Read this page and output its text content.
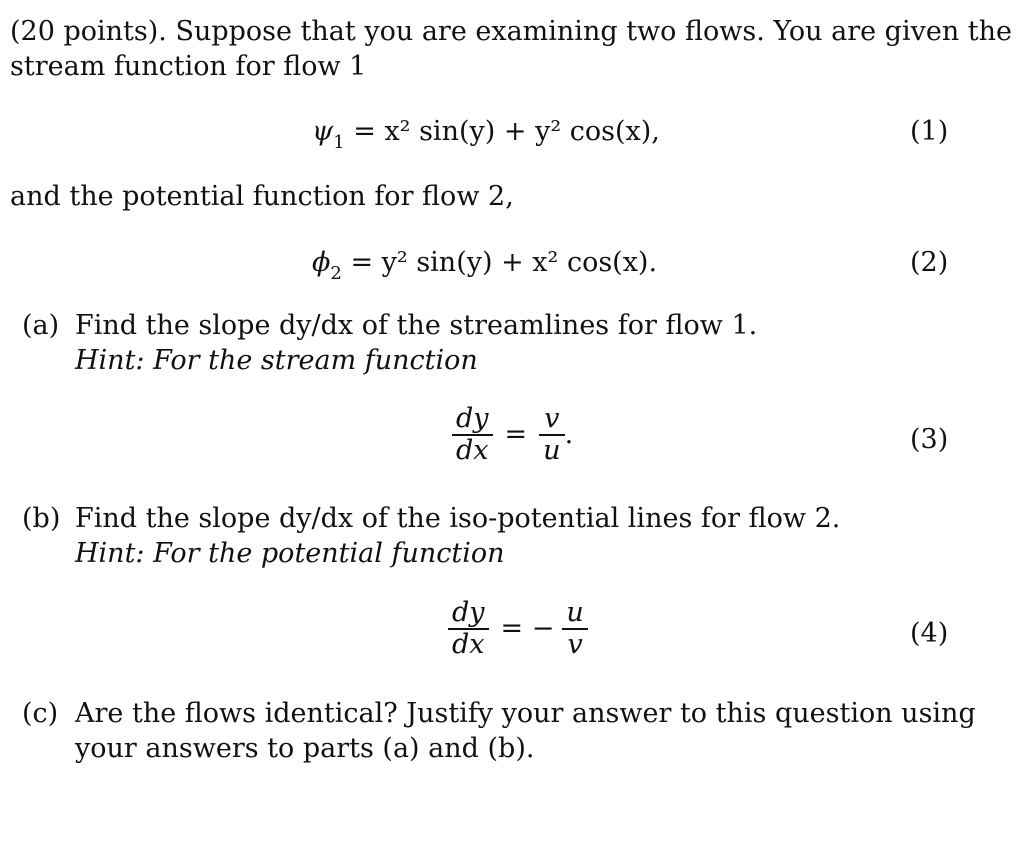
(20 points). Suppose that you are examining two flows. You are given the
stream function for flow 1
$\psi_1 = x^2$ sin(y) + y² cos(x),	(1)
and the potential function for flow 2,
$\phi_2 = y^2$ sin(y) + x² cos(x).	(2)
(a) Find the slope dy/dx of the streamlines for flow 1.
Hint: For the stream function
$\frac{dy}{dx} = \frac{v}{u}$ .	(3)
(b) Find the slope dy/dx of the iso-potential lines for flow 2.
Hint: For the potential function
$\frac{dy}{dx}$ = − $\frac{u}{v}$	(4)
(c) Are the flows identical? Justify your answer to this question using
your answers to parts (a) and (b).
